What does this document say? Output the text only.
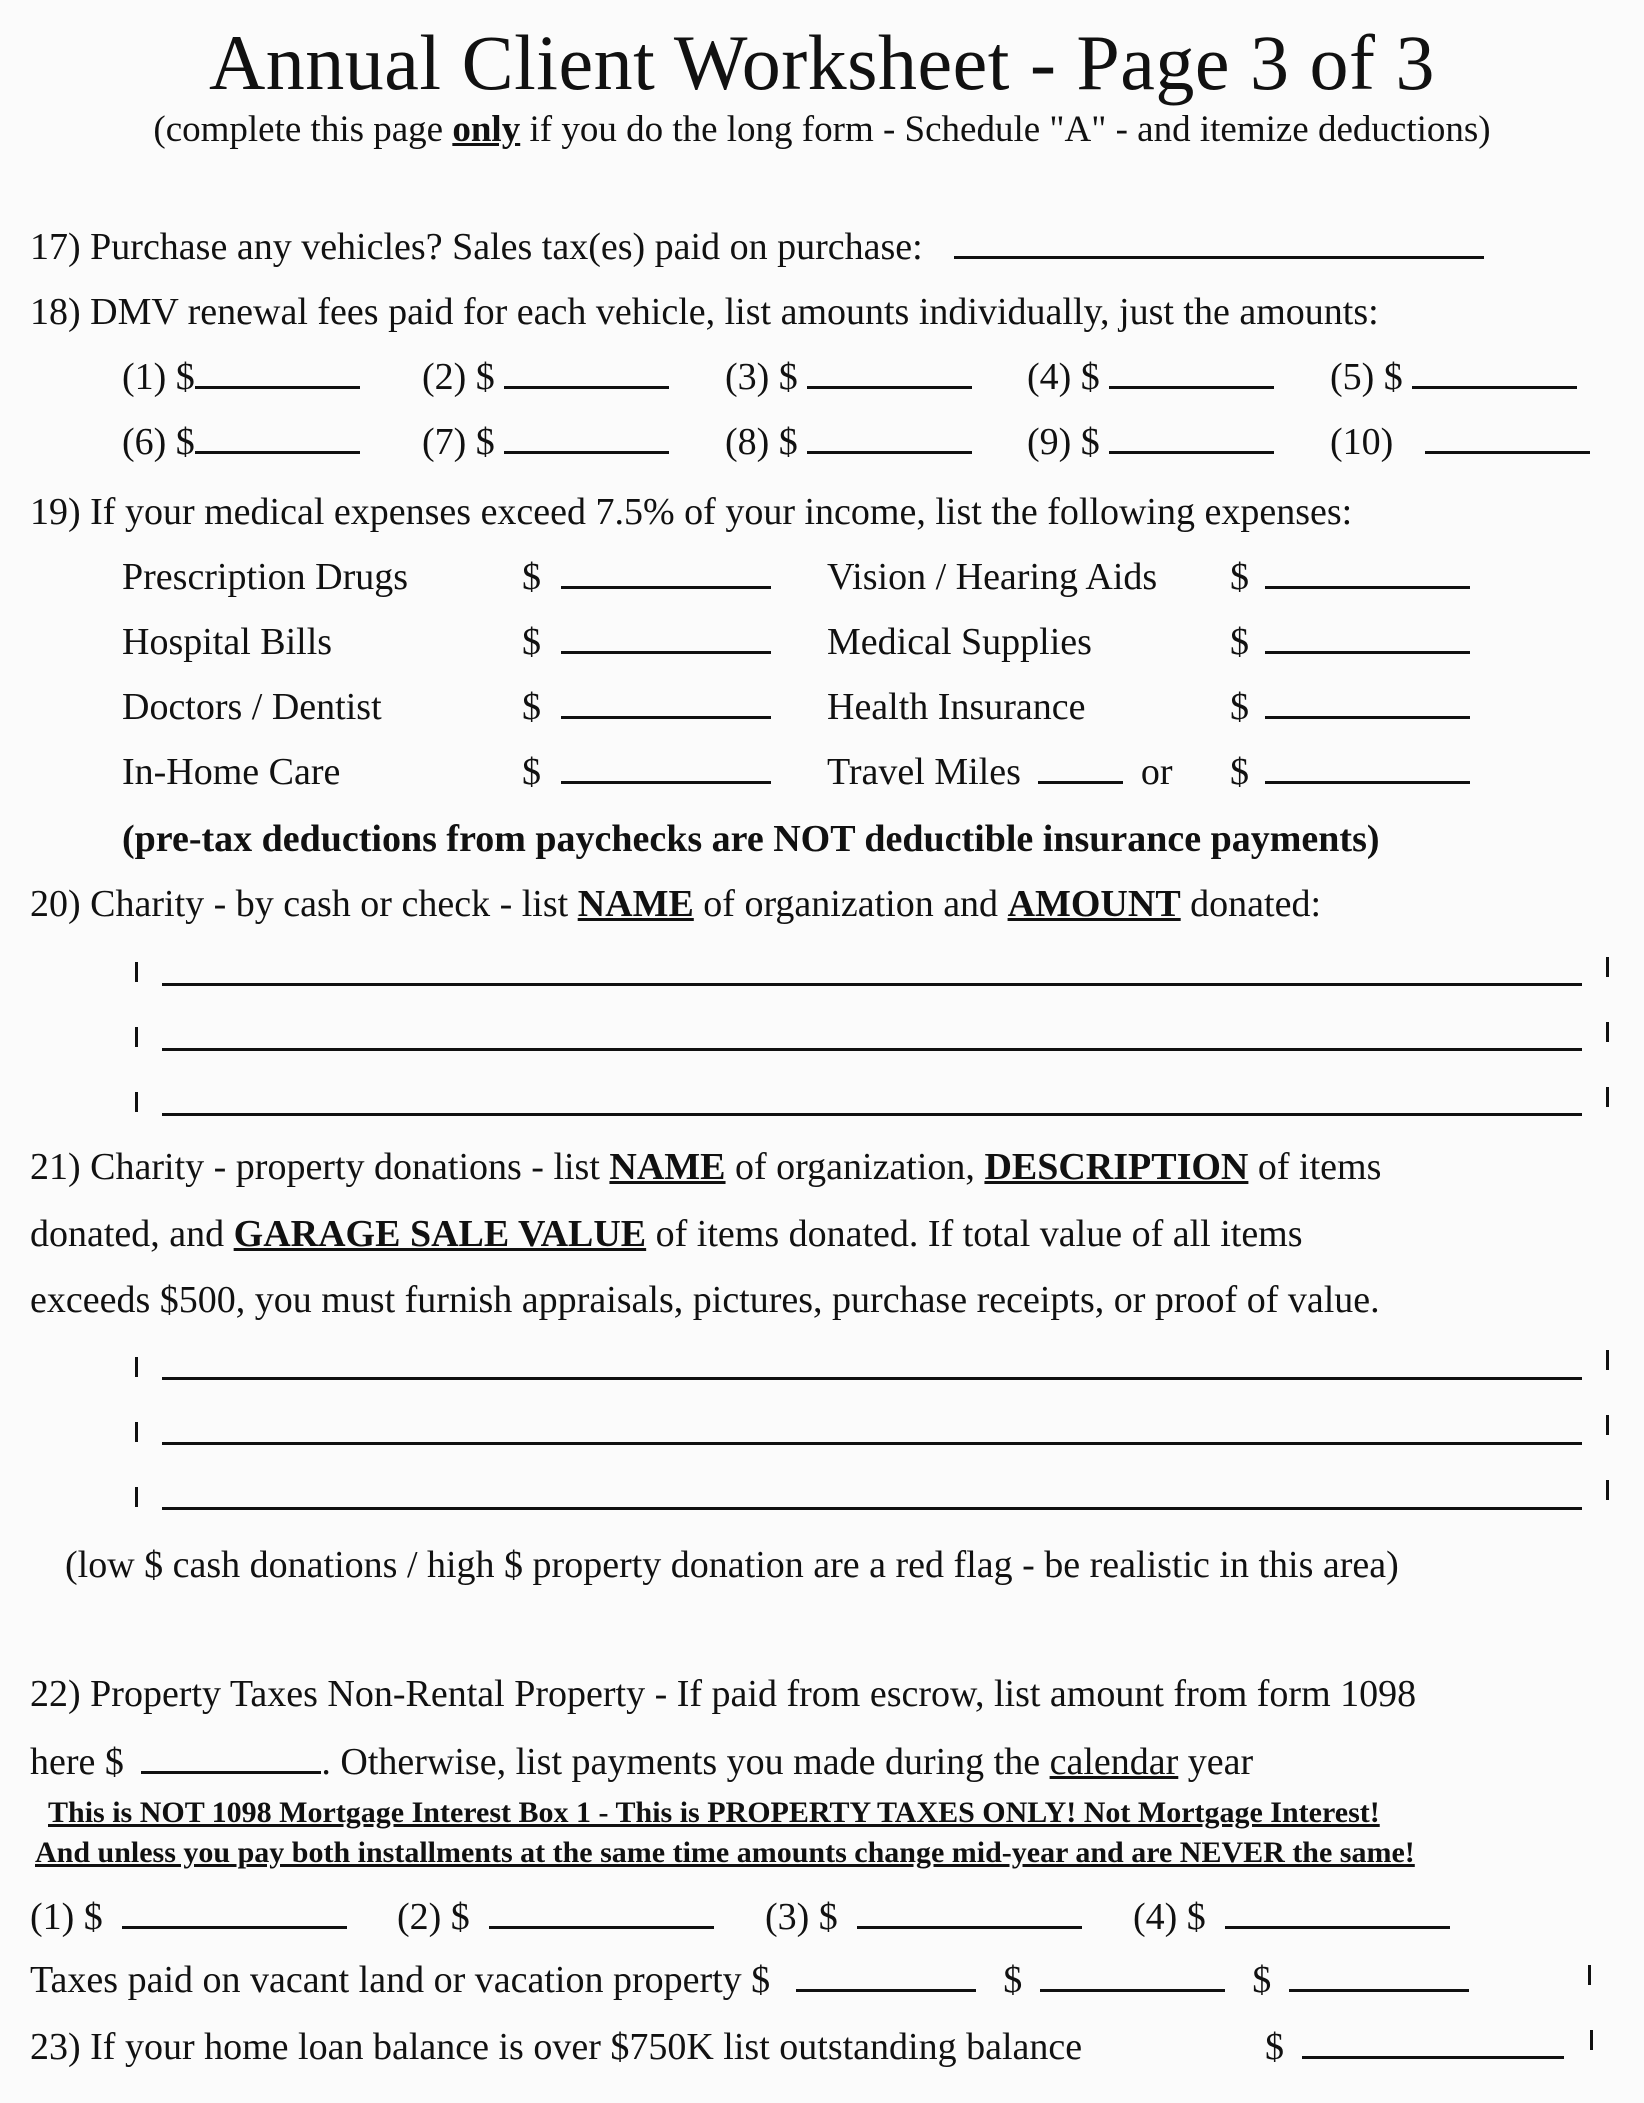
Annual Client Worksheet - Page 3 of 3
(complete this page only if you do the long form - Schedule "A" - and itemize deductions)
17) Purchase any vehicles? Sales tax(es) paid on purchase:
18) DMV renewal fees paid for each vehicle, list amounts individually, just the amounts:
(1) $	(2) $	(3) $	(4) $	(5) $
(6) $	(7) $	(8) $	(9) $	(10)
19) If your medical expenses exceed 7.5% of your income, list the following expenses:
Prescription Drugs	$	Vision / Hearing Aids $
Hospital Bills	$	Medical Supplies	$
Doctors / Dentist	$	Health Insurance	$
In-Home Care	$	Travel Miles	or $
(pre-tax deductions from paychecks are NOT deductible insurance payments)
20) Charity - by cash or check - list NAME of organization and AMOUNT donated:
21) Charity - property donations - list NAME of organization, DESCRIPTION of items
donated, and GARAGE SALE VALUE of items donated. If total value of all items
exceeds $500, you must furnish appraisals, pictures, purchase receipts, or proof of value.
(low $ cash donations / high $ property donation are a red flag - be realistic in this area)
22) Property Taxes Non-Rental Property - If paid from escrow, list amount from form 1098
here $	. Otherwise, list payments you made during the calendar year
This is NOT 1098 Mortgage Interest Box 1 - This is PROPERTY TAXES ONLY! Not Mortgage Interest!
And unless you pay both installments at the same time amounts change mid-year and are NEVER the same!
(1) $	(2) $	(3) $	(4) $
Taxes paid on vacant land or vacation property $	$	$
23) If your home loan balance is over $750K list outstanding balance	$
